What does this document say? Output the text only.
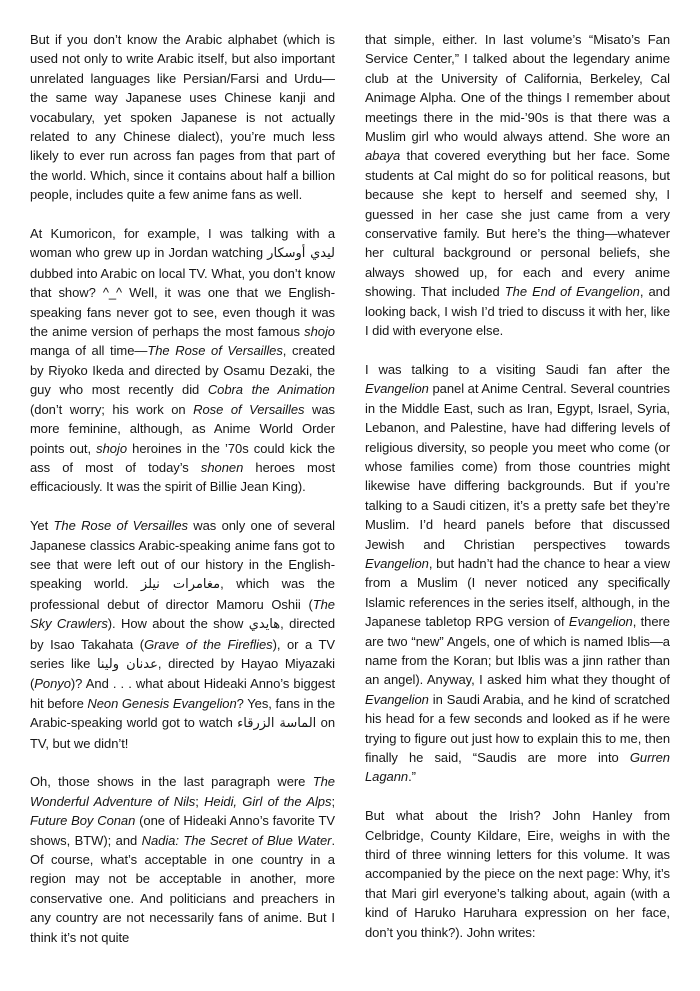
But if you don’t know the Arabic alphabet (which is used not only to write Arabic itself, but also important unrelated languages like Persian/Farsi and Urdu—the same way Japanese uses Chinese kanji and vocabulary, yet spoken Japanese is not actually related to any Chinese dialect), you’re much less likely to ever run across fan pages from that part of the world. Which, since it contains about half a billion people, includes quite a few anime fans as well.

At Kumoricon, for example, I was talking with a woman who grew up in Jordan watching ليدي أوسكار dubbed into Arabic on local TV. What, you don’t know that show? ^_^ Well, it was one that we English-speaking fans never got to see, even though it was the anime version of perhaps the most famous shojo manga of all time—The Rose of Versailles, created by Riyoko Ikeda and directed by Osamu Dezaki, the guy who most recently did Cobra the Animation (don’t worry; his work on Rose of Versailles was more feminine, although, as Anime World Order points out, shojo heroines in the ’70s could kick the ass of most of today’s shonen heroes most efficaciously. It was the spirit of Billie Jean King).

Yet The Rose of Versailles was only one of several Japanese classics Arabic-speaking anime fans got to see that were left out of our history in the English-speaking world. مغامرات نيلز, which was the professional debut of director Mamoru Oshii (The Sky Crawlers). How about the show هايدي, directed by Isao Takahata (Grave of the Fireflies), or a TV series like عدنان ولينا, directed by Hayao Miyazaki (Ponyo)? And . . . what about Hideaki Anno’s biggest hit before Neon Genesis Evangelion? Yes, fans in the Arabic-speaking world got to watch الماسة الزرقاء on TV, but we didn’t!

Oh, those shows in the last paragraph were The Wonderful Adventure of Nils; Heidi, Girl of the Alps; Future Boy Conan (one of Hideaki Anno’s favorite TV shows, BTW); and Nadia: The Secret of Blue Water. Of course, what’s acceptable in one country in a region may not be acceptable in another, more conservative one. And politicians and preachers in any country are not necessarily fans of anime. But I think it’s not quite

that simple, either. In last volume’s “Misato’s Fan Service Center,” I talked about the legendary anime club at the University of California, Berkeley, Cal Animage Alpha. One of the things I remember about meetings there in the mid-’90s is that there was a Muslim girl who would always attend. She wore an abaya that covered everything but her face. Some students at Cal might do so for political reasons, but because she kept to herself and seemed shy, I guessed in her case she just came from a very conservative family. But here’s the thing—whatever her cultural background or personal beliefs, she always showed up, for each and every anime showing. That included The End of Evangelion, and looking back, I wish I’d tried to discuss it with her, like I did with everyone else.

I was talking to a visiting Saudi fan after the Evangelion panel at Anime Central. Several countries in the Middle East, such as Iran, Egypt, Israel, Syria, Lebanon, and Palestine, have had differing levels of religious diversity, so people you meet who come (or whose families come) from those countries might likewise have differing backgrounds. But if you’re talking to a Saudi citizen, it’s a pretty safe bet they’re Muslim. I’d heard panels before that discussed Jewish and Christian perspectives towards Evangelion, but hadn’t had the chance to hear a view from a Muslim (I never noticed any specifically Islamic references in the series itself, although, in the Japanese tabletop RPG version of Evangelion, there are two “new” Angels, one of which is named Iblis—a name from the Koran; but Iblis was a jinn rather than an angel). Anyway, I asked him what they thought of Evangelion in Saudi Arabia, and he kind of scratched his head for a few seconds and looked as if he were trying to figure out just how to explain this to me, then finally he said, “Saudis are more into Gurren Lagann.”

But what about the Irish? John Hanley from Celbridge, County Kildare, Eire, weighs in with the third of three winning letters for this volume. It was accompanied by the piece on the next page: Why, it’s that Mari girl everyone’s talking about, again (with a kind of Haruko Haruhara expression on her face, don’t you think?). John writes:
